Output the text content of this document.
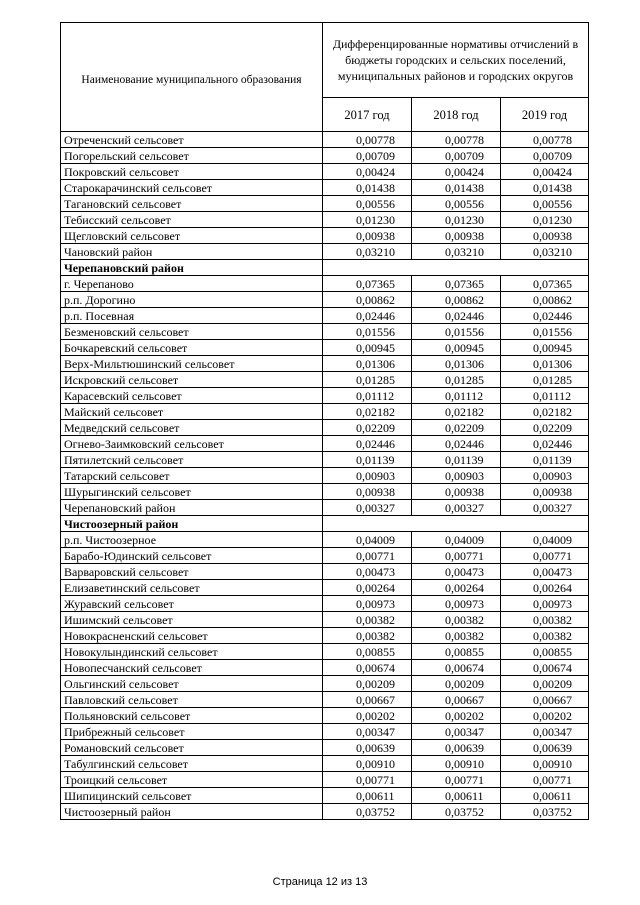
Наименование муниципального образования	Дифференцированные нормативы отчислений в бюджеты городских и сельских поселений, муниципальных районов и городских округов		
	2017 год	2018 год	2019 год
Отреченский сельсовет	0,00778	0,00778	0,00778
Погорельский сельсовет	0,00709	0,00709	0,00709
Покровский сельсовет	0,00424	0,00424	0,00424
Старокарачинский сельсовет	0,01438	0,01438	0,01438
Тагановский сельсовет	0,00556	0,00556	0,00556
Тебисский сельсовет	0,01230	0,01230	0,01230
Щегловский сельсовет	0,00938	0,00938	0,00938
Чановский район	0,03210	0,03210	0,03210
Черепановский район			
г. Черепаново	0,07365	0,07365	0,07365
р.п. Дорогино	0,00862	0,00862	0,00862
р.п. Посевная	0,02446	0,02446	0,02446
Безменовский сельсовет	0,01556	0,01556	0,01556
Бочкаревский сельсовет	0,00945	0,00945	0,00945
Верх-Мильтюшинский сельсовет	0,01306	0,01306	0,01306
Искровский сельсовет	0,01285	0,01285	0,01285
Карасевский сельсовет	0,01112	0,01112	0,01112
Майский сельсовет	0,02182	0,02182	0,02182
Медведский сельсовет	0,02209	0,02209	0,02209
Огнево-Заимковский сельсовет	0,02446	0,02446	0,02446
Пятилетский сельсовет	0,01139	0,01139	0,01139
Татарский сельсовет	0,00903	0,00903	0,00903
Шурыгинский сельсовет	0,00938	0,00938	0,00938
Черепановский район	0,00327	0,00327	0,00327
Чистоозерный район			
р.п. Чистоозерное	0,04009	0,04009	0,04009
Барабо-Юдинский сельсовет	0,00771	0,00771	0,00771
Варваровский сельсовет	0,00473	0,00473	0,00473
Елизаветинский сельсовет	0,00264	0,00264	0,00264
Журавский сельсовет	0,00973	0,00973	0,00973
Ишимский сельсовет	0,00382	0,00382	0,00382
Новокрасненский сельсовет	0,00382	0,00382	0,00382
Новокулындинский сельсовет	0,00855	0,00855	0,00855
Новопесчанский сельсовет	0,00674	0,00674	0,00674
Ольгинский сельсовет	0,00209	0,00209	0,00209
Павловский сельсовет	0,00667	0,00667	0,00667
Польяновский сельсовет	0,00202	0,00202	0,00202
Прибрежный сельсовет	0,00347	0,00347	0,00347
Романовский сельсовет	0,00639	0,00639	0,00639
Табулгинский сельсовет	0,00910	0,00910	0,00910
Троицкий сельсовет	0,00771	0,00771	0,00771
Шипицинский сельсовет	0,00611	0,00611	0,00611
Чистоозерный район	0,03752	0,03752	0,03752
Страница 12 из 13
